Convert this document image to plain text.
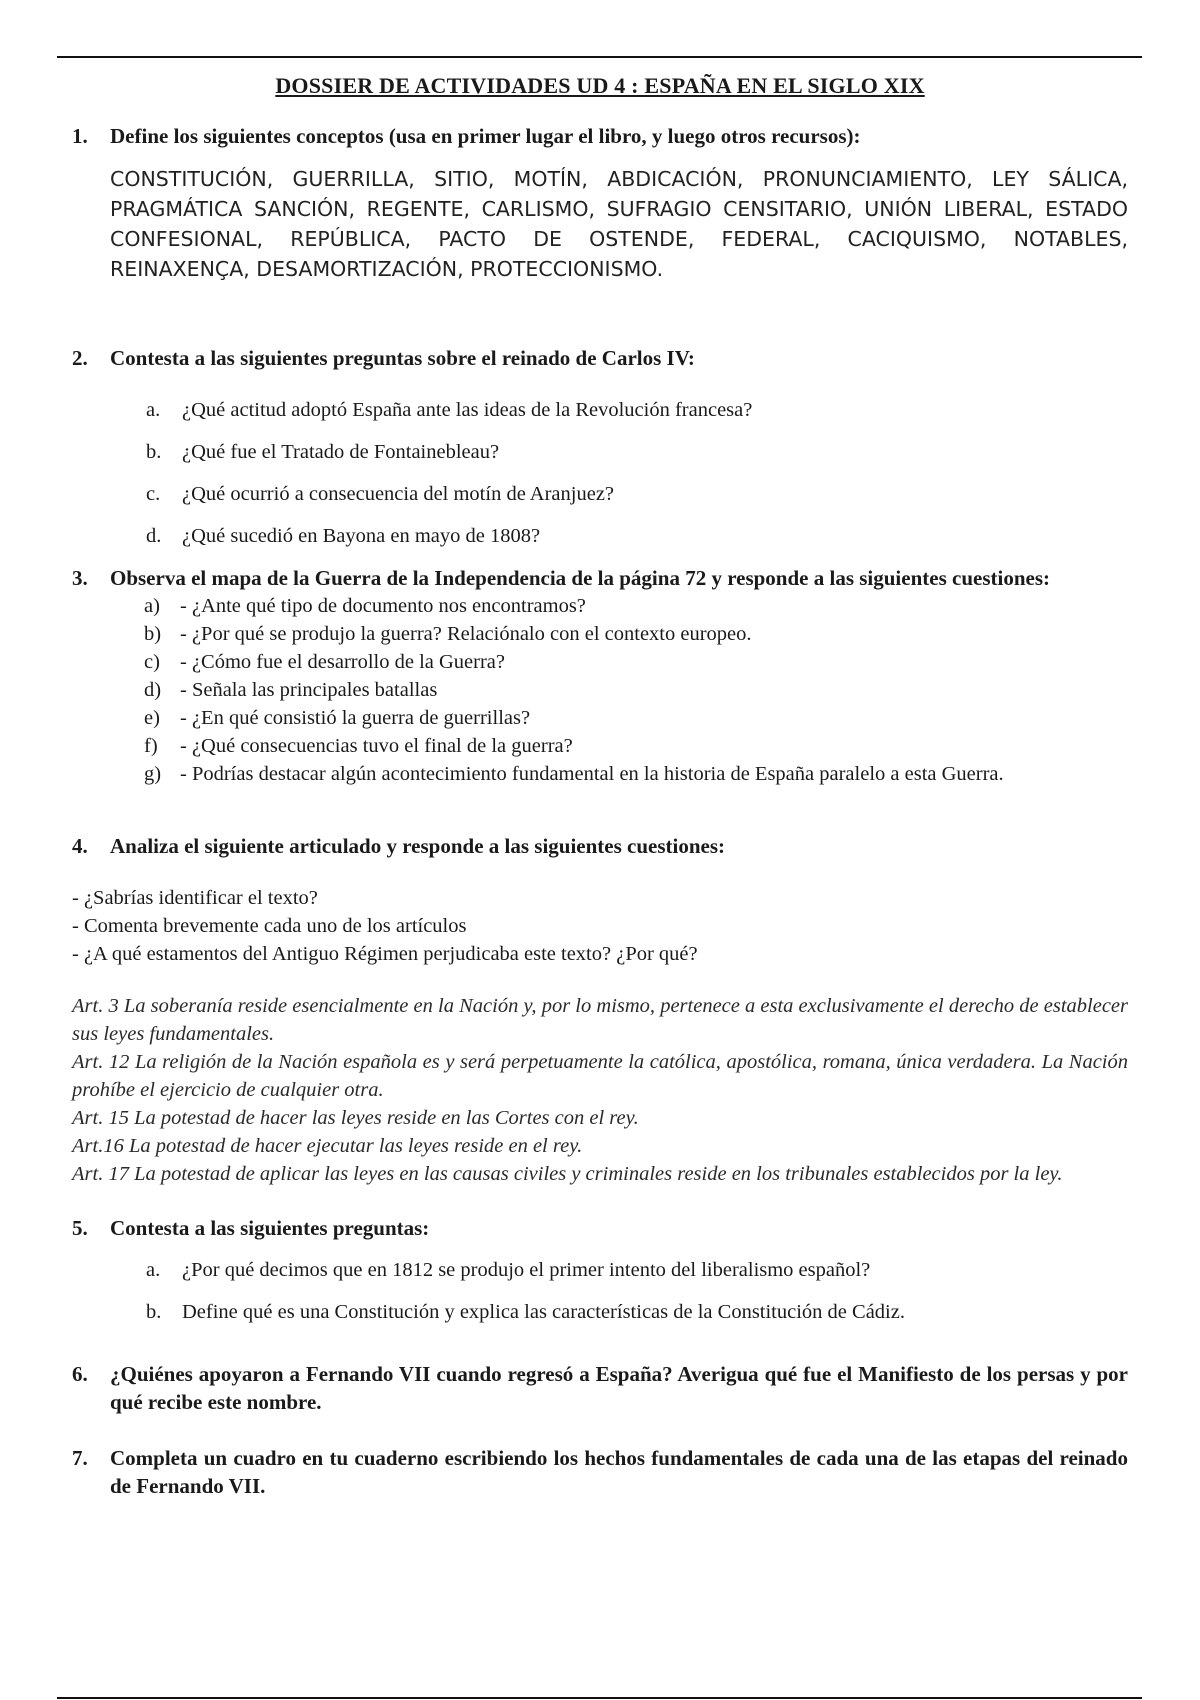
DOSSIER DE ACTIVIDADES UD 4 : ESPAÑA EN EL SIGLO XIX
1. Define los siguientes conceptos (usa en primer lugar el libro, y luego otros recursos):
CONSTITUCIÓN, GUERRILLA, SITIO, MOTÍN, ABDICACIÓN, PRONUNCIAMIENTO, LEY SÁLICA, PRAGMÁTICA SANCIÓN, REGENTE, CARLISMO, SUFRAGIO CENSITARIO, UNIÓN LIBERAL, ESTADO CONFESIONAL, REPÚBLICA, PACTO DE OSTENDE, FEDERAL, CACIQUISMO, NOTABLES, REINAXENÇA, DESAMORTIZACIÓN, PROTECCIONISMO.
2. Contesta a las siguientes preguntas sobre el reinado de Carlos IV:
a. ¿Qué actitud adoptó España ante las ideas de la Revolución francesa?
b. ¿Qué fue el Tratado de Fontainebleau?
c. ¿Qué ocurrió a consecuencia del motín de Aranjuez?
d. ¿Qué sucedió en Bayona en mayo de 1808?
3. Observa el mapa de la Guerra de la Independencia de la página 72 y responde a las siguientes cuestiones:
a) - ¿Ante qué tipo de documento nos encontramos?
b) - ¿Por qué se produjo la guerra? Relaciónalo con el contexto europeo.
c) - ¿Cómo fue el desarrollo de la Guerra?
d) - Señala las principales batallas
e) - ¿En qué consistió la guerra de guerrillas?
f) - ¿Qué consecuencias tuvo el final de la guerra?
g) - Podrías destacar algún acontecimiento fundamental en la historia de España paralelo a esta Guerra.
4. Analiza el siguiente articulado y responde a las siguientes cuestiones:

- ¿Sabrías identificar el texto?

- Comenta brevemente cada uno de los artículos

- ¿A qué estamentos del Antiguo Régimen perjudicaba este texto? ¿Por qué?

Art. 3 La soberanía reside esencialmente en la Nación y, por lo mismo, pertenece a esta exclusivamente el derecho de establecer sus leyes fundamentales.

Art. 12 La religión de la Nación española es y será perpetuamente la católica, apostólica, romana, única verdadera. La Nación prohíbe el ejercicio de cualquier otra.

Art. 15 La potestad de hacer las leyes reside en las Cortes con el rey.

Art.16 La potestad de hacer ejecutar las leyes reside en el rey.

Art. 17 La potestad de aplicar las leyes en las causas civiles y criminales reside en los tribunales establecidos por la ley.

5. Contesta a las siguientes preguntas:
a. ¿Por qué decimos que en 1812 se produjo el primer intento del liberalismo español?
b. Define qué es una Constitución y explica las características de la Constitución de Cádiz.
6. ¿Quiénes apoyaron a Fernando VII cuando regresó a España? Averigua qué fue el Manifiesto de los persas y por qué recibe este nombre.
7. Completa un cuadro en tu cuaderno escribiendo los hechos fundamentales de cada una de las etapas del reinado de Fernando VII.
